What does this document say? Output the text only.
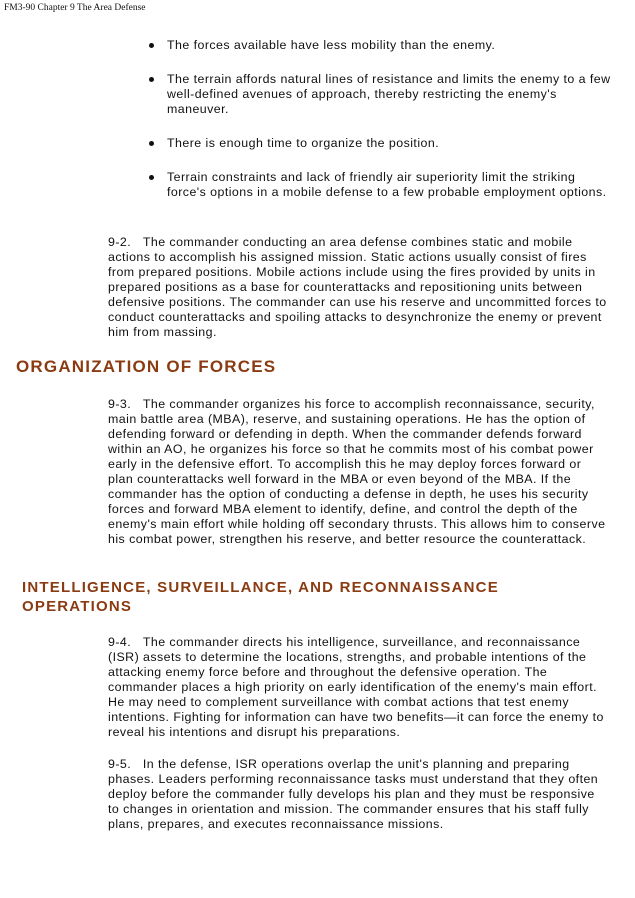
FM3-90 Chapter 9 The Area Defense

The forces available have less mobility than the enemy.
The terrain affords natural lines of resistance and limits the enemy to a few well-defined avenues of approach, thereby restricting the enemy's maneuver.
There is enough time to organize the position.
Terrain constraints and lack of friendly air superiority limit the striking force's options in a mobile defense to a few probable employment options.

9-2.   The commander conducting an area defense combines static and mobile actions to accomplish his assigned mission. Static actions usually consist of fires from prepared positions. Mobile actions include using the fires provided by units in prepared positions as a base for counterattacks and repositioning units between defensive positions. The commander can use his reserve and uncommitted forces to conduct counterattacks and spoiling attacks to desynchronize the enemy or prevent him from massing.

ORGANIZATION OF FORCES

9-3.   The commander organizes his force to accomplish reconnaissance, security, main battle area (MBA), reserve, and sustaining operations. He has the option of defending forward or defending in depth. When the commander defends forward within an AO, he organizes his force so that he commits most of his combat power early in the defensive effort. To accomplish this he may deploy forces forward or plan counterattacks well forward in the MBA or even beyond of the MBA. If the commander has the option of conducting a defense in depth, he uses his security forces and forward MBA element to identify, define, and control the depth of the enemy's main effort while holding off secondary thrusts. This allows him to conserve his combat power, strengthen his reserve, and better resource the counterattack.

INTELLIGENCE, SURVEILLANCE, AND RECONNAISSANCE OPERATIONS

9-4.   The commander directs his intelligence, surveillance, and reconnaissance (ISR) assets to determine the locations, strengths, and probable intentions of the attacking enemy force before and throughout the defensive operation. The commander places a high priority on early identification of the enemy's main effort. He may need to complement surveillance with combat actions that test enemy intentions. Fighting for information can have two benefits—it can force the enemy to reveal his intentions and disrupt his preparations.

9-5.   In the defense, ISR operations overlap the unit's planning and preparing phases. Leaders performing reconnaissance tasks must understand that they often deploy before the commander fully develops his plan and they must be responsive to changes in orientation and mission. The commander ensures that his staff fully plans, prepares, and executes reconnaissance missions.
